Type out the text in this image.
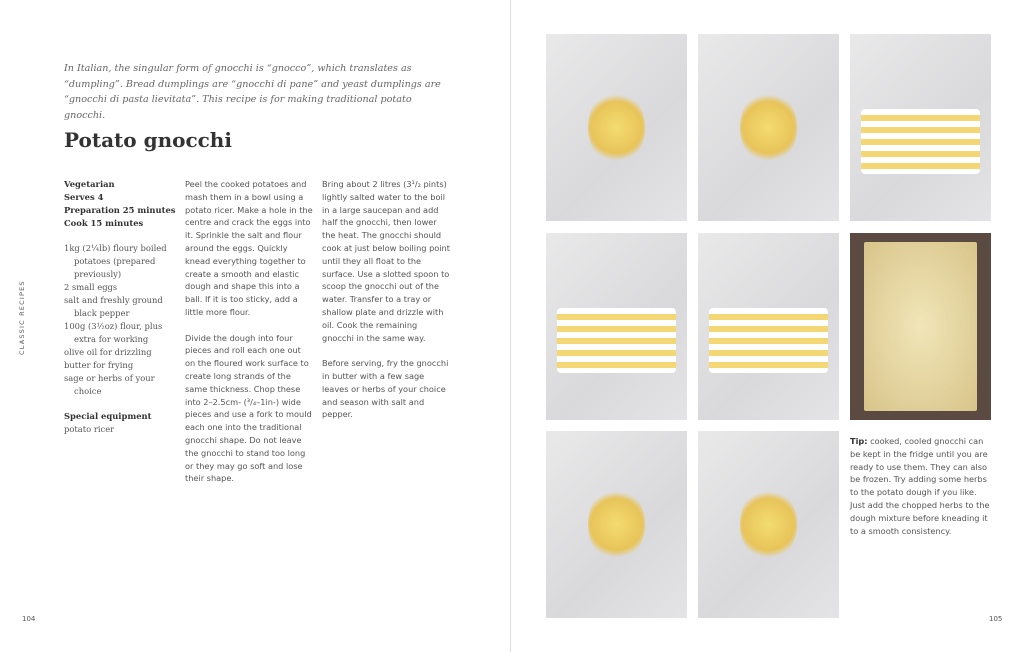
In Italian, the singular form of gnocchi is “gnocco”, which translates as “dumpling”. Bread dumplings are “gnocchi di pane” and yeast dumplings are “gnocchi di pasta lievitata”. This recipe is for making traditional potato gnocchi.
Potato gnocchi
Vegetarian
Serves 4
Preparation 25 minutes
Cook 15 minutes
1kg (2¼lb) floury boiled potatoes (prepared previously)
2 small eggs
salt and freshly ground black pepper
100g (3½oz) flour, plus extra for working
olive oil for drizzling
butter for frying
sage or herbs of your choice
Special equipment
potato ricer

Peel the cooked potatoes and mash them in a bowl using a potato ricer. Make a hole in the centre and crack the eggs into it. Sprinkle the salt and flour around the eggs. Quickly knead everything together to create a smooth and elastic dough and shape this into a ball. If it is too sticky, add a little more flour.

Divide the dough into four pieces and roll each one out on the floured work surface to create long strands of the same thickness. Chop these into 2–2.5cm- (³/₄–1in-) wide pieces and use a fork to mould each one into the traditional gnocchi shape. Do not leave the gnocchi to stand too long or they may go soft and lose their shape.

Bring about 2 litres (3¹/₂ pints) lightly salted water to the boil in a large saucepan and add half the gnocchi, then lower the heat. The gnocchi should cook at just below boiling point until they all float to the surface. Use a slotted spoon to scoop the gnocchi out of the water. Transfer to a tray or shallow plate and drizzle with oil. Cook the remaining gnocchi in the same way.

Before serving, fry the gnocchi in butter with a few sage leaves or herbs of your choice and season with salt and pepper.

CLASSIC RECIPES
104
Tip: cooked, cooled gnocchi can be kept in the fridge until you are ready to use them. They can also be frozen. Try adding some herbs to the potato dough if you like. Just add the chopped herbs to the dough mixture before kneading it to a smooth consistency.
105
